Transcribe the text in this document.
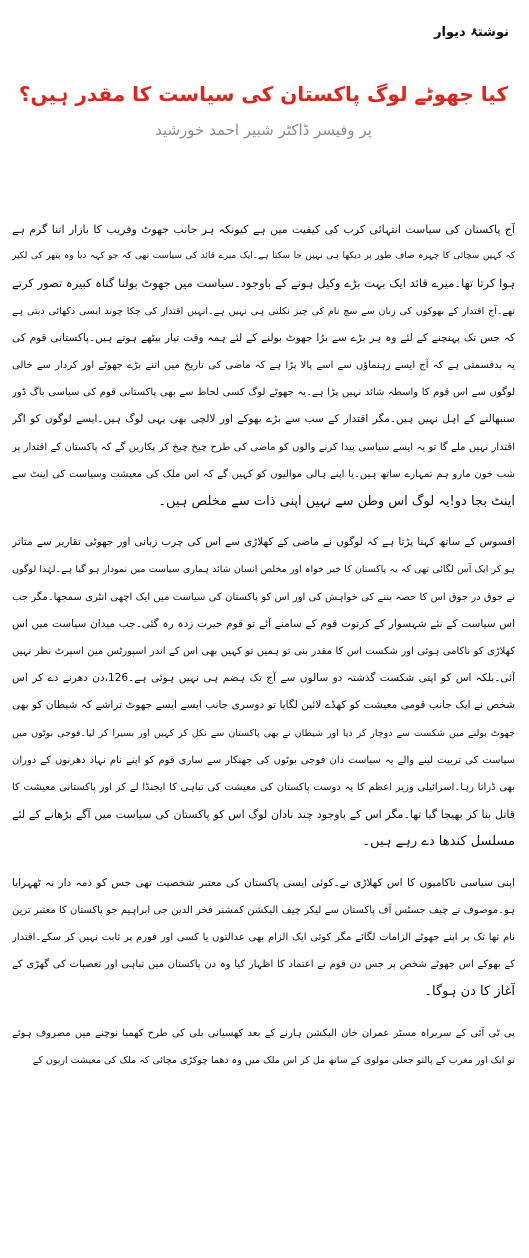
نوشتۂ دیوار
کیا جھوٹے لوگ پاکستان کی سیاست کا مقدر ہیں؟
پر وفیسر ڈاکٹر شبیر احمد خورشید
آج پاکستان کی سیاست انتہائی کرب کی کیفیت میں ہے کیونکہ ہر جانب جھوٹ وفریب کا بازار اتنا گرم ہے
کہ کہیں سچائی کا چہرہ صاف طور پر دیکھا ہی نہیں جا سکتا ہے۔ایک میرے قائد کی سیاست تھی کہ جو کہہ دیا وہ پتھر کی لکیر
ہوا کرتا تھا۔میرے قائد ایک بہت بڑے وکیل ہونے کے باوجود۔سیاست میں جھوٹ بولنا گناہ کبیرہ تصور کرتے
تھے۔آج اقتدار کے بھوکوں کی زبان سے سچ نام کی چیز نکلتی ہی نہیں ہے۔انہیں اقتدار کی چکا چوند ایسی دکھائی دیتی ہے
کہ جس تک پہنچنے کے لئے وہ ہر بڑے سے بڑا جھوٹ بولنے کے لئے ہمہ وقت تیار بیٹھے ہوتے ہیں۔پاکستانی قوم کی
یہ بدقسمتی ہے کہ آج ایسے رہنماؤں سے اسے پالا پڑا ہے کہ ماضی کی تاریخ میں اتنے بڑے جھوٹے اور کردار سے خالی
لوگوں سے اس قوم کا واسطہ شائد نہیں پڑا ہے۔یہ جھوٹے لوگ کسی لحاظ سے بھی پاکستانی قوم کی سیاسی باگ ڈور
سنبھالنے کے اہل نہیں ہیں۔مگر اقتدار کے سب سے بڑے بھوکے اور لالچی بھی یہی لوگ ہیں۔ایسے لوگوں کو اگر
اقتدار نہیں ملے گا تو یہ ایسے سیاسی پیدا کرنے والوں کو ماضی کی طرح چیخ چیخ کر پکاریں گے کہ پاکستان کے اقتدار پر
شب خون مارو ہم تمہارے ساتھ ہیں۔یا اپنے ہالی موالیوں کو کہیں گے کہ اس ملک کی معیشت وسیاست کی اینٹ سے
اینٹ بجا دو!یہ لوگ اس وطن سے نہیں اپنی ذات سے مخلص ہیں۔
افسوس کے ساتھ کہنا پڑتا ہے کہ لوگوں نے ماضی کے کھلاڑی سے اس کی چرب زبانی اور جھوٹی تقاریر سے متاثر
ہو کر ایک آس لگائی تھی کہ یہ پاکستان کا خیر خواہ اور مخلص انسان شائد ہماری سیاست میں نمودار ہو گیا ہے۔لہٰذا لوگوں
نے جوق در جوق اس کا حصہ بننے کی خواہش کی اور اس کو پاکستان کی سیاست میں ایک اچھی انٹری سمجھا۔مگر جب
اس سیاست کے نئے شہسوار کے کرتوت قوم کے سامنے آئے تو قوم حیرت زدہ رہ گئی۔جب میدان سیاست میں اس
کھلاڑی کو ناکامی ہوئی اور شکست اس کا مقدر بنی تو ہمیں تو کہیں بھی اس کے اندر اسپورٹس مین اسپرٹ نظر نہیں
آئی۔بلکہ اس کو اپنی شکست گذشتہ دو سالوں سے آج تک ہضم ہی نہیں ہوئی ہے۔126،دن دھرنے دے کر اس
شخص نے ایک جانب قومی معیشت کو کھڈے لائین لگایا تو دوسری جانب ایسے ایسے جھوٹ تراشے کہ شیطان کو بھی
جھوٹ بولنے میں شکست سے دوچار کر دیا اور شیطان نے بھی پاکستان سے نکل کر کہیں اور بسیرا کر لیا۔فوجی بوٹوں میں
سیاست کی تربیت لینے والے یہ سیاست دان فوجی بوٹوں کی جھنکار سے ساری قوم کو اپنے نام نہاد دھرنوں کے دوران
بھی ڈراتا رہا۔اسرائیلی وزیر اعظم کا یہ دوست پاکستان کی معیشت کی تباہی کا ایجنڈا لے کر اور پاکستانی معیشت کا
قاتل بنا کر بھیجا گیا تھا۔مگر اس کے باوجود چند نادان لوگ اس کو پاکستان کی سیاست میں آگے بڑھانے کے لئے
مسلسل کندھا دے رہے ہیں۔
اپنی سیاسی ناکامیوں کا اس کھلاڑی نے۔کوئی ایسی پاکستان کی معتبر شخصیت تھی جس کو ذمہ دار نہ ٹھہرایا
ہو۔موصوف نے چیف جسٹس آف پاکستان سے لیکر چیف الیکشن کمشنر فخر الدین جی ابراہیم جو پاکستان کا معتبر ترین
نام تھا تک پر اپنے جھوٹے الزامات لگائے مگر کوئی ایک الزام بھی عدالتوں یا کسی اور فورم پر ثابت نہیں کر سکے۔اقتدار
کے بھوکے اس جھوٹے شخص پر جس دن قوم نے اعتماد کا اظہار کیا وہ دن پاکستان میں تباہی اور تعصبات کی گھڑی کے
آغاز کا دن ہوگا۔
پی ٹی آئی کے سربراہ مسٹر عمران خان الیکشن ہارنے کے بعد کھسیانی بلی کی طرح کھمبا نوچنے میں مصروف ہوئے
تو ایک اور مغرب کے پالتو جعلی مولوی کے ساتھ مل کر اس ملک میں وہ دھما چوکڑی مچائی کہ ملک کی معیشت اربوں کے
